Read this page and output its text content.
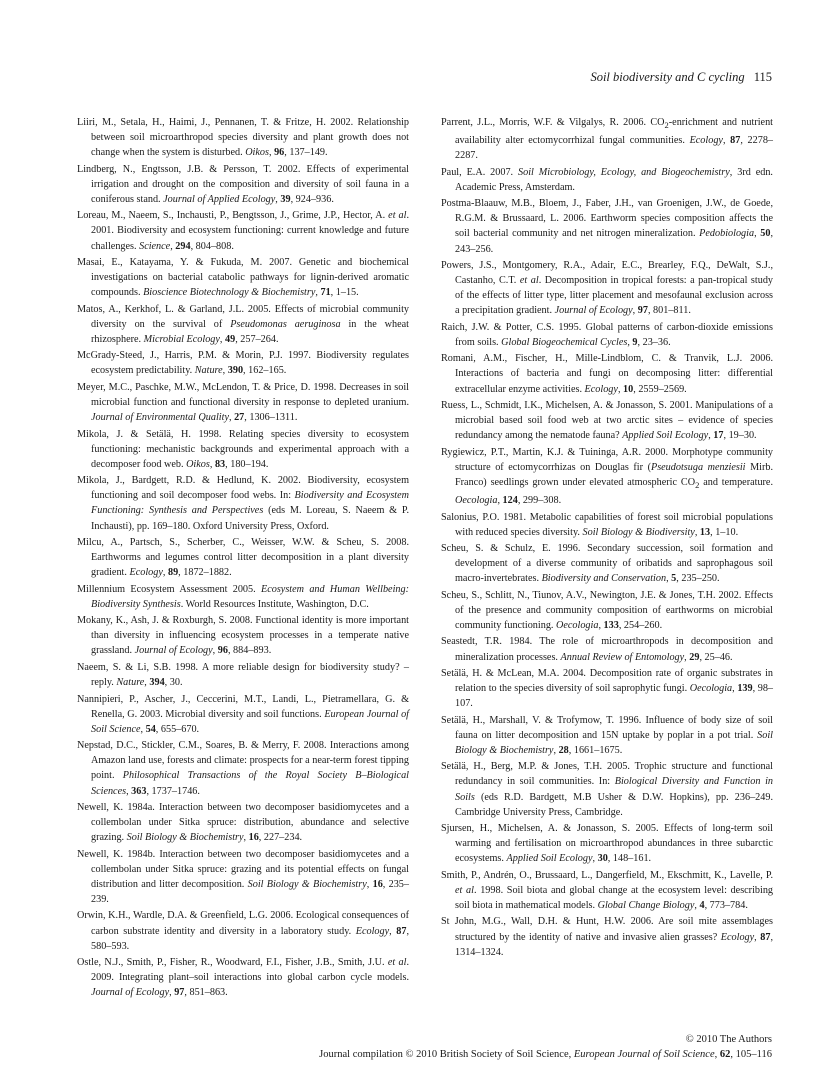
Soil biodiversity and C cycling 115
Liiri, M., Setala, H., Haimi, J., Pennanen, T. & Fritze, H. 2002. Relationship between soil microarthropod species diversity and plant growth does not change when the system is disturbed. Oikos, 96, 137–149.
Lindberg, N., Engtsson, J.B. & Persson, T. 2002. Effects of experimental irrigation and drought on the composition and diversity of soil fauna in a coniferous stand. Journal of Applied Ecology, 39, 924–936.
Loreau, M., Naeem, S., Inchausti, P., Bengtsson, J., Grime, J.P., Hector, A. et al. 2001. Biodiversity and ecosystem functioning: current knowledge and future challenges. Science, 294, 804–808.
Masai, E., Katayama, Y. & Fukuda, M. 2007. Genetic and biochemical investigations on bacterial catabolic pathways for lignin-derived aromatic compounds. Bioscience Biotechnology & Biochemistry, 71, 1–15.
Matos, A., Kerkhof, L. & Garland, J.L. 2005. Effects of microbial community diversity on the survival of Pseudomonas aeruginosa in the wheat rhizosphere. Microbial Ecology, 49, 257–264.
McGrady-Steed, J., Harris, P.M. & Morin, P.J. 1997. Biodiversity regulates ecosystem predictability. Nature, 390, 162–165.
Meyer, M.C., Paschke, M.W., McLendon, T. & Price, D. 1998. Decreases in soil microbial function and functional diversity in response to depleted uranium. Journal of Environmental Quality, 27, 1306–1311.
Mikola, J. & Setälä, H. 1998. Relating species diversity to ecosystem functioning: mechanistic backgrounds and experimental approach with a decomposer food web. Oikos, 83, 180–194.
Mikola, J., Bardgett, R.D. & Hedlund, K. 2002. Biodiversity, ecosystem functioning and soil decomposer food webs. In: Biodiversity and Ecosystem Functioning: Synthesis and Perspectives (eds M. Loreau, S. Naeem & P. Inchausti), pp. 169–180. Oxford University Press, Oxford.
Milcu, A., Partsch, S., Scherber, C., Weisser, W.W. & Scheu, S. 2008. Earthworms and legumes control litter decomposition in a plant diversity gradient. Ecology, 89, 1872–1882.
Millennium Ecosystem Assessment 2005. Ecosystem and Human Wellbeing: Biodiversity Synthesis. World Resources Institute, Washington, D.C.
Mokany, K., Ash, J. & Roxburgh, S. 2008. Functional identity is more important than diversity in influencing ecosystem processes in a temperate native grassland. Journal of Ecology, 96, 884–893.
Naeem, S. & Li, S.B. 1998. A more reliable design for biodiversity study? – reply. Nature, 394, 30.
Nannipieri, P., Ascher, J., Ceccerini, M.T., Landi, L., Pietramellara, G. & Renella, G. 2003. Microbial diversity and soil functions. European Journal of Soil Science, 54, 655–670.
Nepstad, D.C., Stickler, C.M., Soares, B. & Merry, F. 2008. Interactions among Amazon land use, forests and climate: prospects for a near-term forest tipping point. Philosophical Transactions of the Royal Society B–Biological Sciences, 363, 1737–1746.
Newell, K. 1984a. Interaction between two decomposer basidiomycetes and a collembolan under Sitka spruce: distribution, abundance and selective grazing. Soil Biology & Biochemistry, 16, 227–234.
Newell, K. 1984b. Interaction between two decomposer basidiomycetes and a collembolan under Sitka spruce: grazing and its potential effects on fungal distribution and litter decomposition. Soil Biology & Biochemistry, 16, 235–239.
Orwin, K.H., Wardle, D.A. & Greenfield, L.G. 2006. Ecological consequences of carbon substrate identity and diversity in a laboratory study. Ecology, 87, 580–593.
Ostle, N.J., Smith, P., Fisher, R., Woodward, F.I., Fisher, J.B., Smith, J.U. et al. 2009. Integrating plant–soil interactions into global carbon cycle models. Journal of Ecology, 97, 851–863.
Parrent, J.L., Morris, W.F. & Vilgalys, R. 2006. $CO_2$-enrichment and nutrient availability alter ectomycorrhizal fungal communities. Ecology, 87, 2278–2287.
Paul, E.A. 2007. Soil Microbiology, Ecology, and Biogeochemistry, 3rd edn. Academic Press, Amsterdam.
Postma-Blaauw, M.B., Bloem, J., Faber, J.H., van Groenigen, J.W., de Goede, R.G.M. & Brussaard, L. 2006. Earthworm species composition affects the soil bacterial community and net nitrogen mineralization. Pedobiologia, 50, 243–256.
Powers, J.S., Montgomery, R.A., Adair, E.C., Brearley, F.Q., DeWalt, S.J., Castanho, C.T. et al. Decomposition in tropical forests: a pan-tropical study of the effects of litter type, litter placement and mesofaunal exclusion across a precipitation gradient. Journal of Ecology, 97, 801–811.
Raich, J.W. & Potter, C.S. 1995. Global patterns of carbon-dioxide emissions from soils. Global Biogeochemical Cycles, 9, 23–36.
Romani, A.M., Fischer, H., Mille-Lindblom, C. & Tranvik, L.J. 2006. Interactions of bacteria and fungi on decomposing litter: differential extracellular enzyme activities. Ecology, 10, 2559–2569.
Ruess, L., Schmidt, I.K., Michelsen, A. & Jonasson, S. 2001. Manipulations of a microbial based soil food web at two arctic sites – evidence of species redundancy among the nematode fauna? Applied Soil Ecology, 17, 19–30.
Rygiewicz, P.T., Martin, K.J. & Tuininga, A.R. 2000. Morphotype community structure of ectomycorrhizas on Douglas fir (Pseudotsuga menziesii Mirb. Franco) seedlings grown under elevated atmospheric $CO_2$ and temperature. Oecologia, 124, 299–308.
Salonius, P.O. 1981. Metabolic capabilities of forest soil microbial populations with reduced species diversity. Soil Biology & Biodiversity, 13, 1–10.
Scheu, S. & Schulz, E. 1996. Secondary succession, soil formation and development of a diverse community of oribatids and saprophagous soil macro-invertebrates. Biodiversity and Conservation, 5, 235–250.
Scheu, S., Schlitt, N., Tiunov, A.V., Newington, J.E. & Jones, T.H. 2002. Effects of the presence and community composition of earthworms on microbial community functioning. Oecologia, 133, 254–260.
Seastedt, T.R. 1984. The role of microarthropods in decomposition and mineralization processes. Annual Review of Entomology, 29, 25–46.
Setälä, H. & McLean, M.A. 2004. Decomposition rate of organic substrates in relation to the species diversity of soil saprophytic fungi. Oecologia, 139, 98–107.
Setälä, H., Marshall, V. & Trofymow, T. 1996. Influence of body size of soil fauna on litter decomposition and 15N uptake by poplar in a pot trial. Soil Biology & Biochemistry, 28, 1661–1675.
Setälä, H., Berg, M.P. & Jones, T.H. 2005. Trophic structure and functional redundancy in soil communities. In: Biological Diversity and Function in Soils (eds R.D. Bardgett, M.B Usher & D.W. Hopkins), pp. 236–249. Cambridge University Press, Cambridge.
Sjursen, H., Michelsen, A. & Jonasson, S. 2005. Effects of long-term soil warming and fertilisation on microarthropod abundances in three subarctic ecosystems. Applied Soil Ecology, 30, 148–161.
Smith, P., Andrén, O., Brussaard, L., Dangerfield, M., Ekschmitt, K., Lavelle, P. et al. 1998. Soil biota and global change at the ecosystem level: describing soil biota in mathematical models. Global Change Biology, 4, 773–784.
St John, M.G., Wall, D.H. & Hunt, H.W. 2006. Are soil mite assemblages structured by the identity of native and invasive alien grasses? Ecology, 87, 1314–1324.
© 2010 The Authors
Journal compilation © 2010 British Society of Soil Science, European Journal of Soil Science, 62, 105–116
